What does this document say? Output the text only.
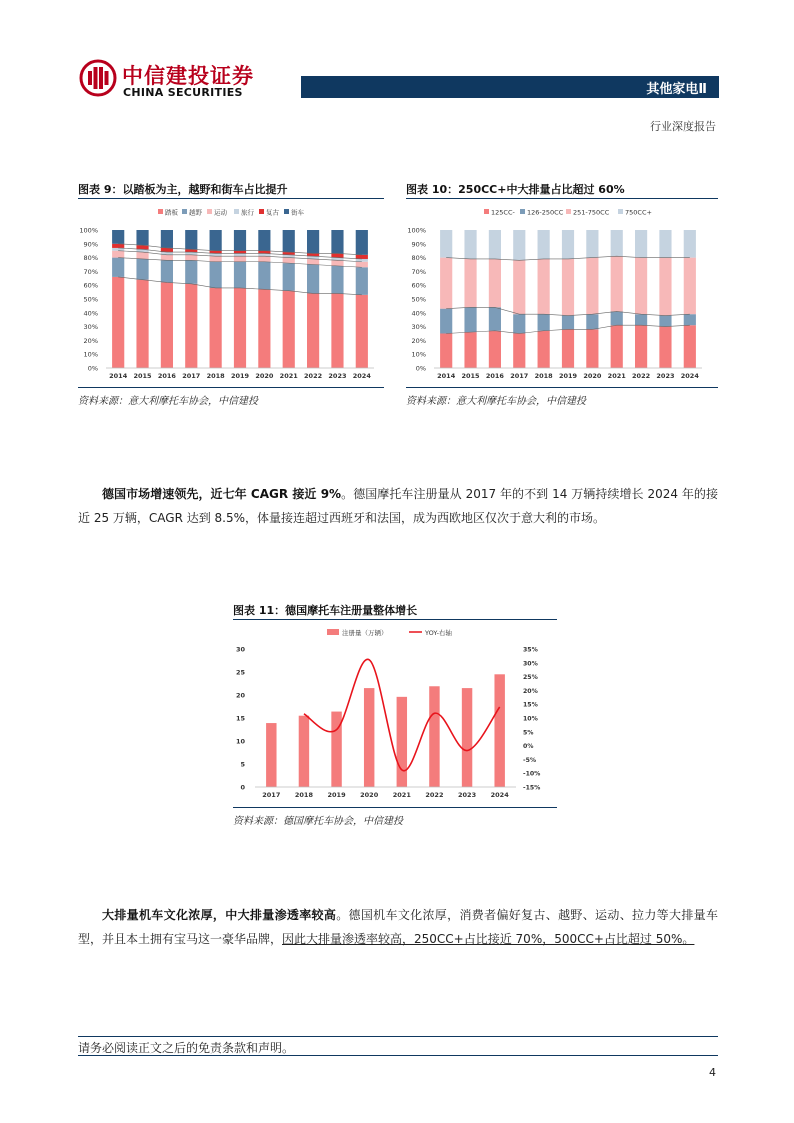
中信建投证券
CHINA SECURITIES	其他家电Ⅱ
行业深度报告
图表 9：以踏板为主，越野和街车占比提升
踏板 越野 运动 旅行 复古 街车
0%
10%
20%
30%
40%
50%
60%
70%
80%
90%
100%
2014 2015 2016 2017 2018 2019 2020 2021 2022 2023 2024
资料来源：意大利摩托车协会，中信建投
图表 10：250CC+中大排量占比超过 60%
125CC- 126-250CC 251-750CC 750CC+
0%
10%
20%
30%
40%
50%
60%
70%
80%
90%
100%
2014 2015 2016 2017 2018 2019 2020 2021 2022 2023 2024
资料来源：意大利摩托车协会，中信建投
德国市场增速领先，近七年 CAGR 接近 9%。德国摩托车注册量从 2017 年的不到 14 万辆持续增长 2024 年的接近 25 万辆，CAGR 达到 8.5%，体量接连超过西班牙和法国，成为西欧地区仅次于意大利的市场。
图表 11：德国摩托车注册量整体增长
注册量（万辆）	YOY-右轴
0
5
10
15
20
25
30
-15%
-10%
-5%
0%
5%
10%
15%
20%
25%
30%
35%
2017 2018 2019 2020 2021 2022 2023 2024
资料来源：德国摩托车协会，中信建投
大排量机车文化浓厚，中大排量渗透率较高。德国机车文化浓厚，消费者偏好复古、越野、运动、拉力等大排量车型，并且本土拥有宝马这一豪华品牌，因此大排量渗透率较高，250CC+占比接近 70%，500CC+占比超过 50%。
请务必阅读正文之后的免责条款和声明。
4
